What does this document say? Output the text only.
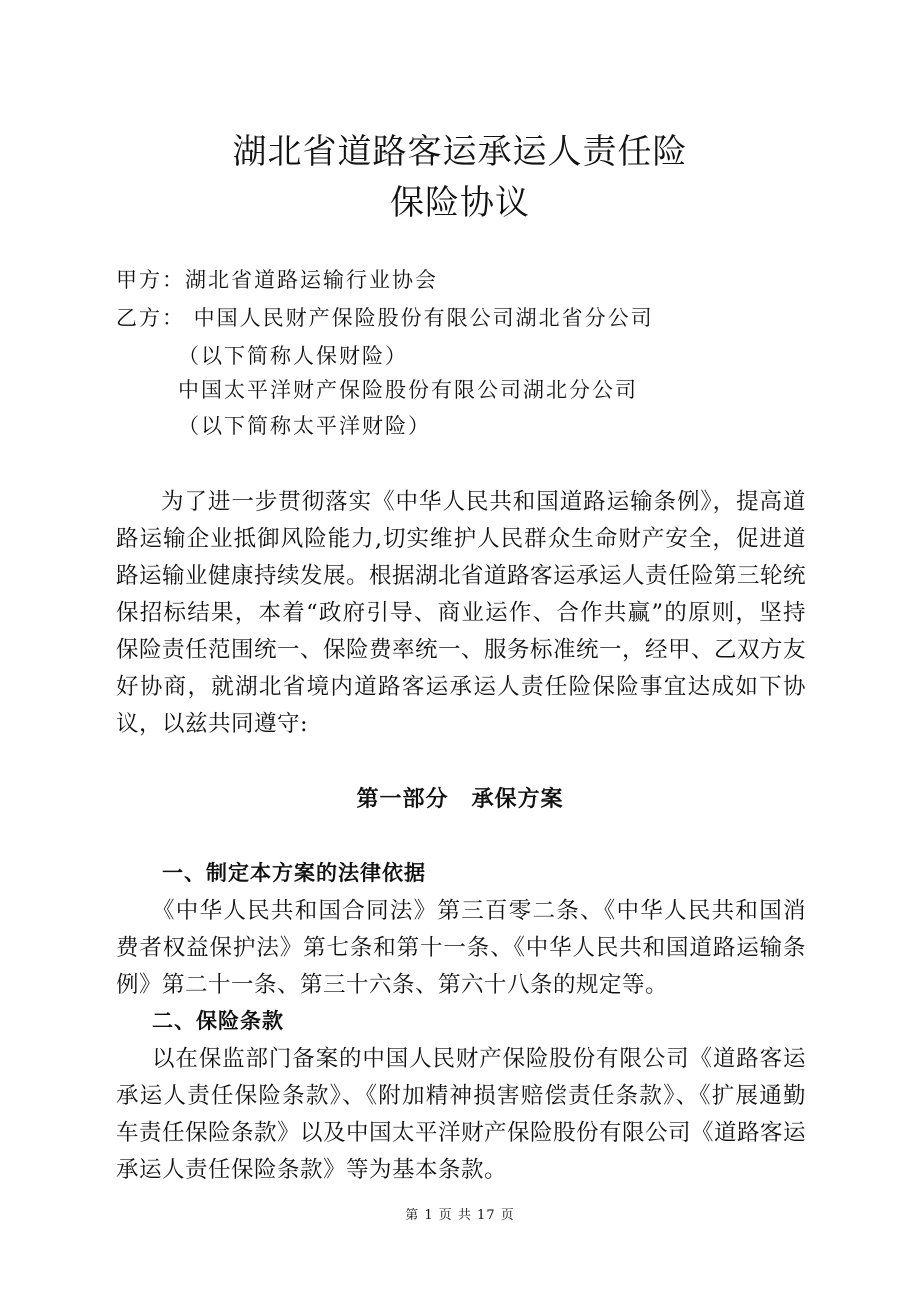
湖北省道路客运承运人责任险
保险协议
甲方：湖北省道路运输行业协会
乙方： 中国人民财产保险股份有限公司湖北省分公司
（以下简称人保财险）
中国太平洋财产保险股份有限公司湖北分公司
（以下简称太平洋财险）

为了进一步贯彻落实《中华人民共和国道路运输条例》，提高道路运输企业抵御风险能力,切实维护人民群众生命财产安全，促进道路运输业健康持续发展。根据湖北省道路客运承运人责任险第三轮统保招标结果，本着“政府引导、商业运作、合作共赢”的原则，坚持保险责任范围统一、保险费率统一、服务标准统一，经甲、乙双方友好协商，就湖北省境内道路客运承运人责任险保险事宜达成如下协议，以兹共同遵守:

第一部分　承保方案
一、制定本方案的法律依据

《中华人民共和国合同法》第三百零二条、《中华人民共和国消费者权益保护法》第七条和第十一条、《中华人民共和国道路运输条例》第二十一条、第三十六条、第六十八条的规定等。

二、保险条款

以在保监部门备案的中国人民财产保险股份有限公司《道路客运承运人责任保险条款》、《附加精神损害赔偿责任条款》、《扩展通勤车责任保险条款》以及中国太平洋财产保险股份有限公司《道路客运承运人责任保险条款》等为基本条款。

第 1 页 共 17 页
